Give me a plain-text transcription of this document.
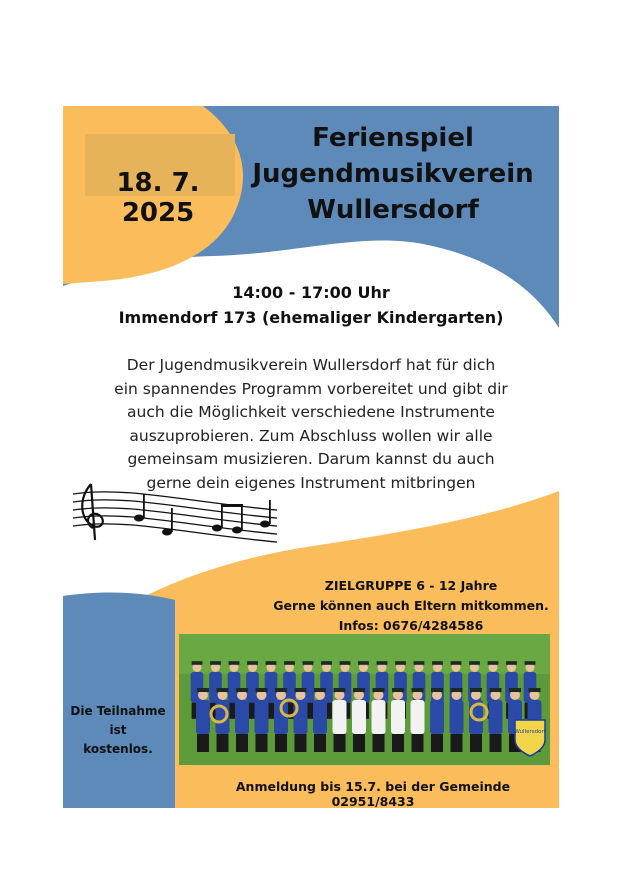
Ferienspiel
Jugendmusikverein
Wullersdorf
18. 7. 2025
14:00 - 17:00 Uhr
Immendorf 173 (ehemaliger Kindergarten)
Der Jugendmusikverein Wullersdorf hat für dich
ein spannendes Programm vorbereitet und gibt dir
auch die Möglichkeit verschiedene Instrumente
auszuprobieren. Zum Abschluss wollen wir alle
gemeinsam musizieren. Darum kannst du auch
gerne dein eigenes Instrument mitbringen
ZIELGRUPPE 6 - 12 Jahre
Gerne können auch Eltern mitkommen.
Infos: 0676/4284586
Die Teilnahme
ist
kostenlos.
Wullersdorf
Anmeldung bis 15.7. bei der Gemeinde 02951/8433
